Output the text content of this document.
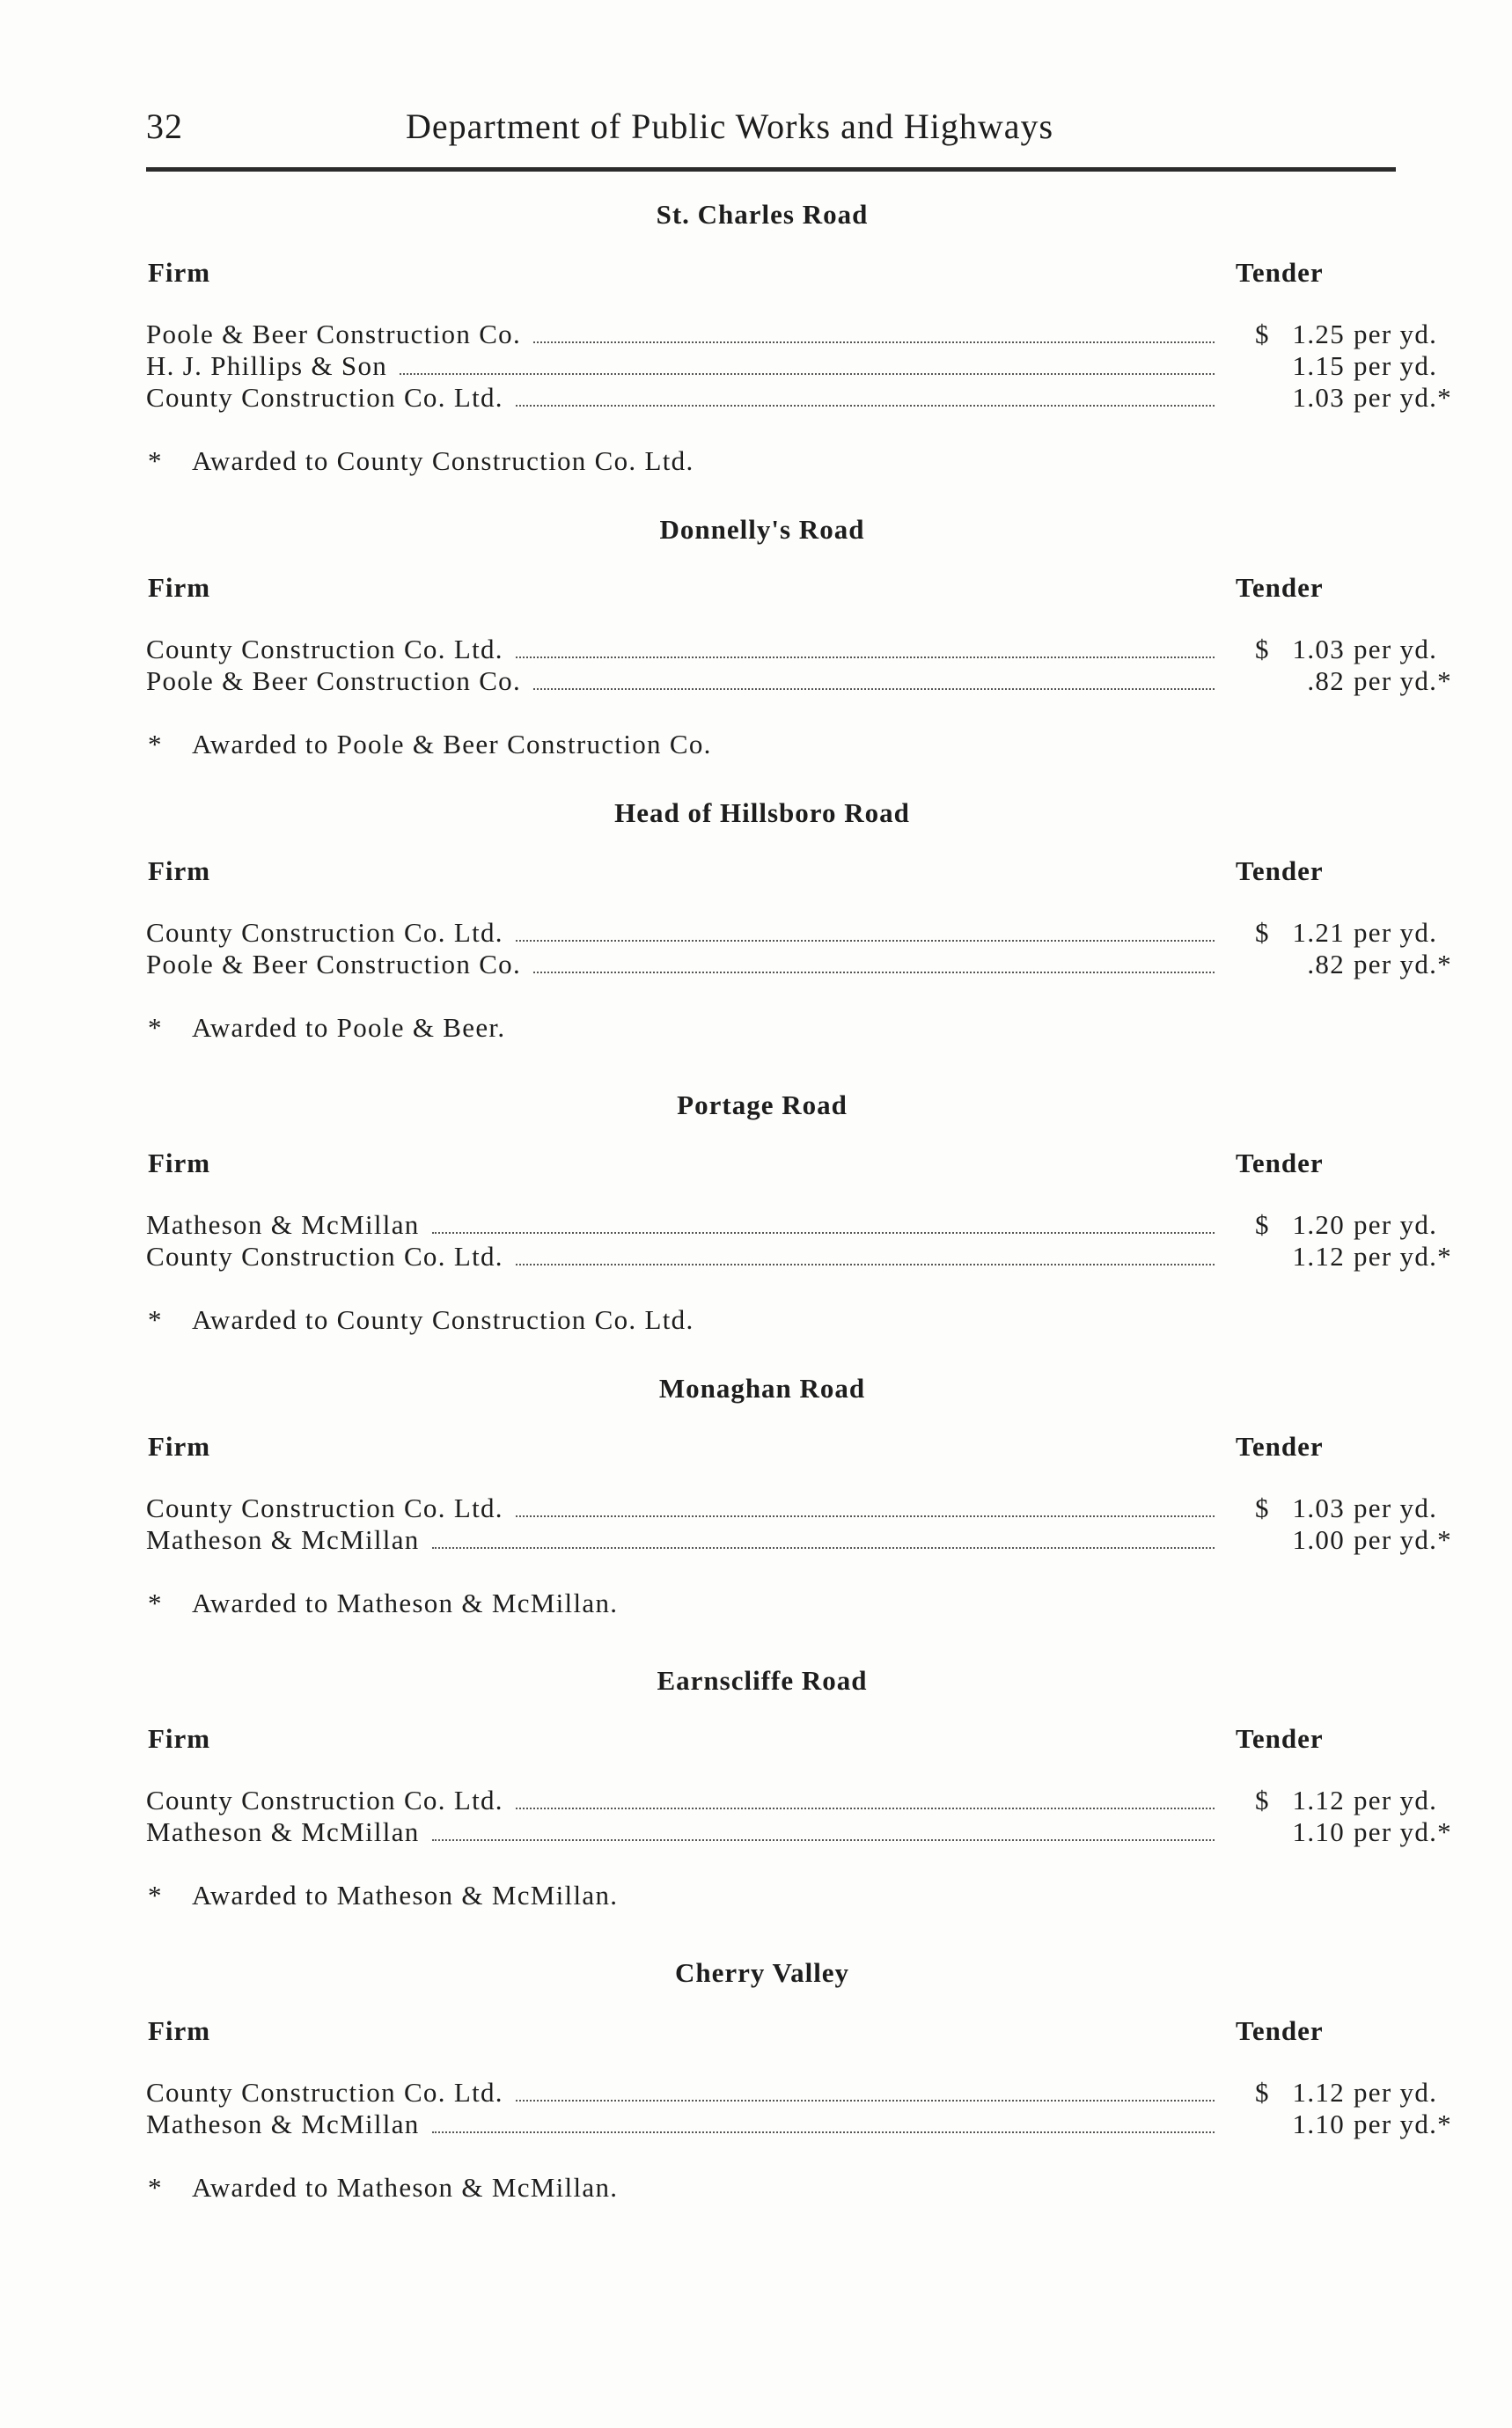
32	Department of Public Works and Highways
St. Charles Road
Firm	Tender
Poole & Beer Construction Co.	$ 1.25 per yd.
H. J. Phillips & Son	1.15 per yd.
County Construction Co. Ltd.	1.03 per yd.*
*	Awarded to County Construction Co. Ltd.
Donnelly's Road
Firm	Tender
County Construction Co. Ltd.	$ 1.03 per yd.
Poole & Beer Construction Co.	.82 per yd.*
*	Awarded to Poole & Beer Construction Co.
Head of Hillsboro Road
Firm	Tender
County Construction Co. Ltd.	$ 1.21 per yd.
Poole & Beer Construction Co.	.82 per yd.*
*	Awarded to Poole & Beer.
Portage Road
Firm	Tender
Matheson & McMillan	$ 1.20 per yd.
County Construction Co. Ltd.	1.12 per yd.*
*	Awarded to County Construction Co. Ltd.
Monaghan Road
Firm	Tender
County Construction Co. Ltd.	$ 1.03 per yd.
Matheson & McMillan	1.00 per yd.*
*	Awarded to Matheson & McMillan.
Earnscliffe Road
Firm	Tender
County Construction Co. Ltd.	$ 1.12 per yd.
Matheson & McMillan	1.10 per yd.*
*	Awarded to Matheson & McMillan.
Cherry Valley
Firm	Tender
County Construction Co. Ltd.	$ 1.12 per yd.
Matheson & McMillan	1.10 per yd.*
*	Awarded to Matheson & McMillan.
